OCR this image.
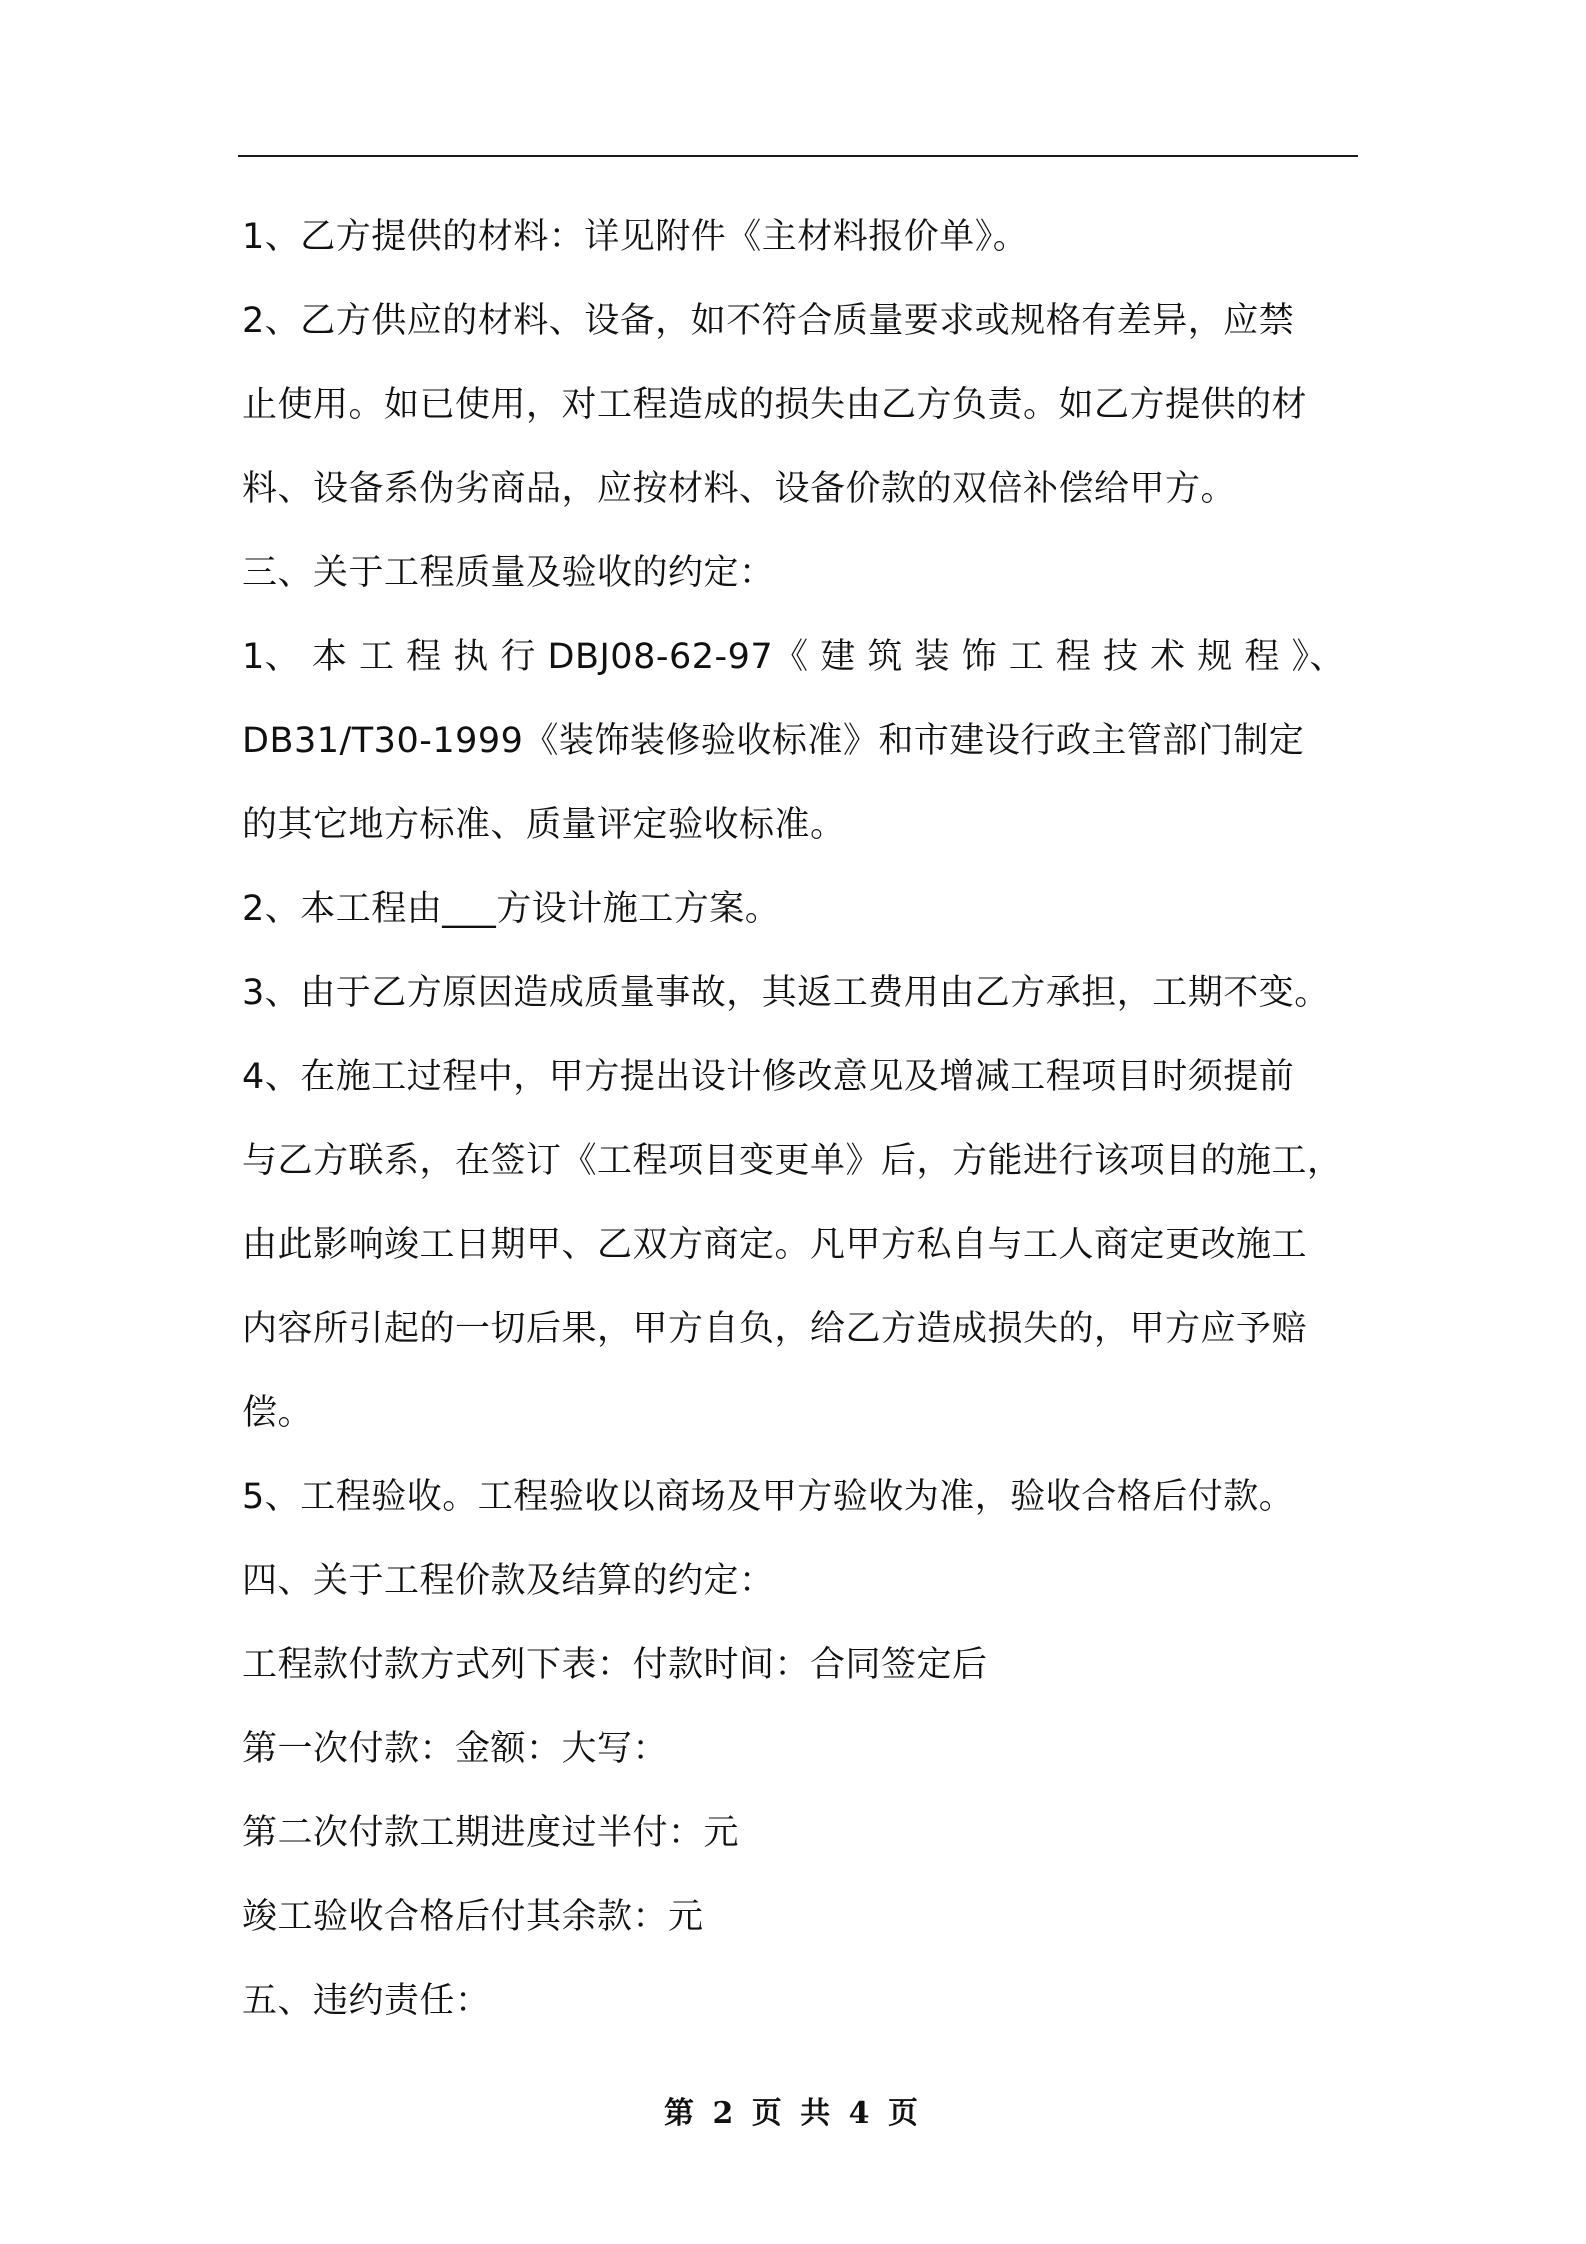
1、乙方提供的材料：详见附件《主材料报价单》。
2、乙方供应的材料、设备，如不符合质量要求或规格有差异，应禁
止使用。如已使用，对工程造成的损失由乙方负责。如乙方提供的材
料、设备系伪劣商品，应按材料、设备价款的双倍补偿给甲方。
三、关于工程质量及验收的约定：
1、 本 工 程 执 行 DBJ08-62-97《 建 筑 装 饰 工 程 技 术 规 程 》、
DB31/T30-1999《装饰装修验收标准》和市建设行政主管部门制定
的其它地方标准、质量评定验收标准。
2、本工程由___方设计施工方案。
3、由于乙方原因造成质量事故，其返工费用由乙方承担，工期不变。
4、在施工过程中，甲方提出设计修改意见及增减工程项目时须提前
与乙方联系，在签订《工程项目变更单》后，方能进行该项目的施工，
由此影响竣工日期甲、乙双方商定。凡甲方私自与工人商定更改施工
内容所引起的一切后果，甲方自负，给乙方造成损失的，甲方应予赔
偿。
5、工程验收。工程验收以商场及甲方验收为准，验收合格后付款。
四、关于工程价款及结算的约定：
工程款付款方式列下表：付款时间：合同签定后
第一次付款：金额：大写：
第二次付款工期进度过半付：元
竣工验收合格后付其余款：元
五、违约责任：
第 2 页 共 4 页
